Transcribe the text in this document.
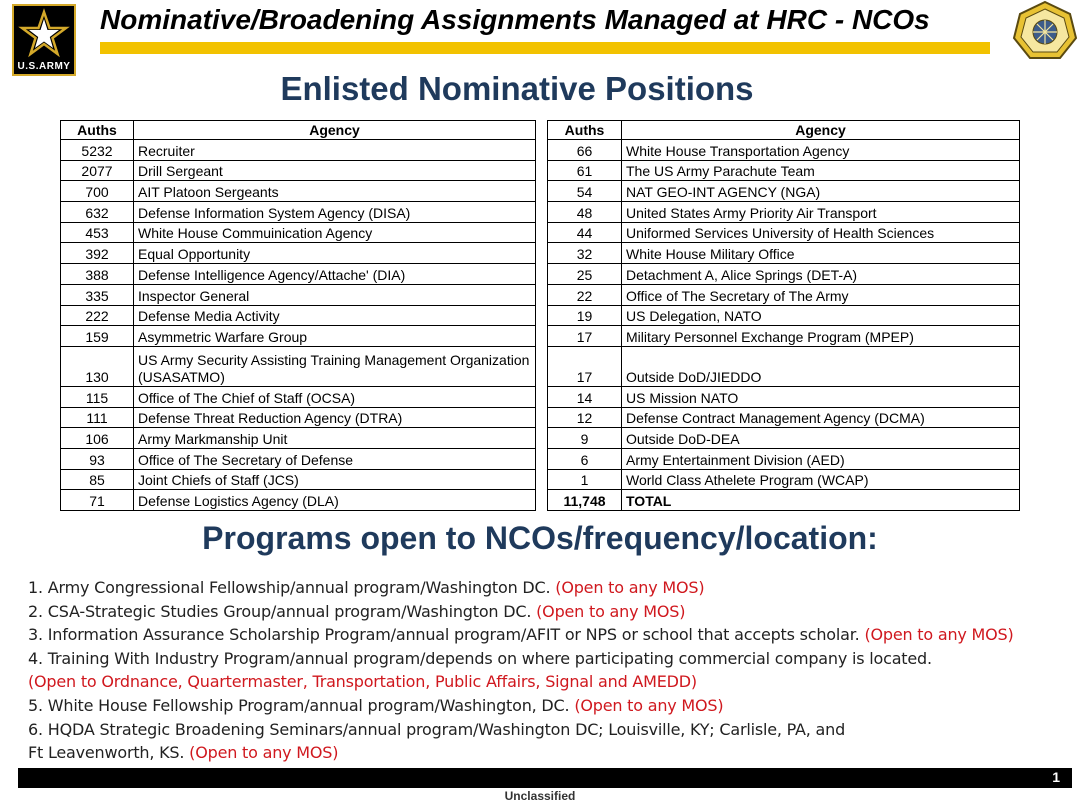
U.S.ARMY
Nominative/Broadening Assignments Managed at HRC - NCOs
Enlisted Nominative Positions
Auths	Agency
5232	Recruiter
2077	Drill Sergeant
700	AIT Platoon Sergeants
632	Defense Information System Agency (DISA)
453	White House Commuinication Agency
392	Equal Opportunity
388	Defense Intelligence Agency/Attache' (DIA)
335	Inspector General
222	Defense Media Activity
159	Asymmetric Warfare Group
130	US Army Security Assisting Training Management Organization (USASATMO)
115	Office of The Chief of Staff (OCSA)
111	Defense Threat Reduction Agency (DTRA)
106	Army Markmanship Unit
93	Office of The Secretary of Defense
85	Joint Chiefs of Staff (JCS)
71	Defense Logistics Agency (DLA)
Auths	Agency
66	White House Transportation Agency
61	The US Army Parachute Team
54	NAT GEO-INT AGENCY (NGA)
48	United States Army Priority Air Transport
44	Uniformed Services University of Health Sciences
32	White House Military Office
25	Detachment A, Alice Springs (DET-A)
22	Office of The Secretary of The Army
19	US Delegation, NATO
17	Military Personnel Exchange Program (MPEP)
17	Outside DoD/JIEDDO
14	US Mission NATO
12	Defense Contract Management Agency (DCMA)
9	Outside DoD-DEA
6	Army Entertainment Division (AED)
1	World Class Athelete Program (WCAP)
11,748	TOTAL
Programs open to NCOs/frequency/location:
1. Army Congressional Fellowship/annual program/Washington DC. (Open to any MOS)
2. CSA-Strategic Studies Group/annual program/Washington DC. (Open to any MOS)
3. Information Assurance Scholarship Program/annual program/AFIT or NPS or school that accepts scholar. (Open to any MOS)
4. Training With Industry Program/annual program/depends on where participating commercial company is located.
(Open to Ordnance, Quartermaster, Transportation, Public Affairs, Signal and AMEDD)
5. White House Fellowship Program/annual program/Washington, DC. (Open to any MOS)
6. HQDA Strategic Broadening Seminars/annual program/Washington DC; Louisville, KY; Carlisle, PA, and
Ft Leavenworth, KS. (Open to any MOS)
1
Unclassified
